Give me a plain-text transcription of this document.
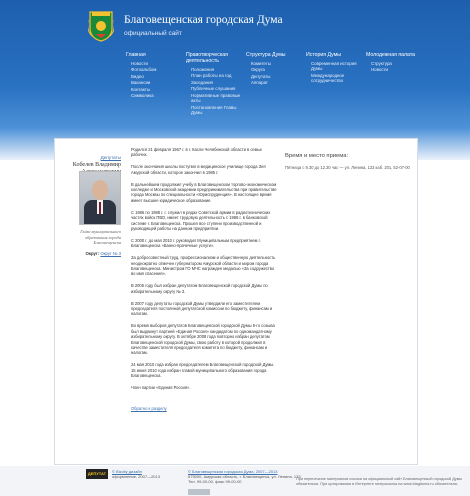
Благовещенская городская Дума
официальный сайт
Главная
Новости
Фотоальбом
Видео
Вакансии
Контакты
Символика
Правотворческая деятельность
Положения
План работы на год
Заседания
Публичные слушания
Нормативные правовые акты
Постановления Главы Думы
Структура Думы
Комитеты
Округа
Депутаты
Аппарат
История Думы
Современная история Думы
Международное сотрудничество
Молодежная палата
Структура
Новости
Депутаты
Кобелев Владимир
Глава муниципального образования города Благовещенска
Округ: Округ № 3

Родился 21 февраля 1967 г. в г. Касли Челябинской области в семье рабочих.

После окончания школы поступил в медицинское училище города Зея Амурской области, которое закончил в 1985 г.

В дальнейшем продолжил учебу в Благовещенском торгово-экономическом колледже и Московской академии предпринимательства при правительстве города Москвы по специальности «Юриспруденция». В настоящее время имеет высшее юридическое образование.

С 1986 по 1988 г. г. служил в рядах Советской армии в радиотехнических частях войск ПВО, имеет трудовую деятельность с 1988 г. в банковской системе г. Благовещенска. Прошел все ступени производственной и руководящей работы на данном предприятии.

С 2000 г. до мая 2010 г. руководил Муниципальным предприятием г. Благовещенска «Банно-прачечные услуги».

За добросовестный труд, профессионализм и общественную деятельность неоднократно отмечен губернатором Амурской области и мэром города Благовещенска. Министром ГО МЧС награжден медалью «За содружество во имя спасения».

В 2005 году был избран депутатом Благовещенской городской Думы по избирательному округу № 3.

В 2007 году депутаты городской Думы утвердили его заместителем председателя постоянной депутатской комиссии по бюджету, финансам и налогам.

Во время выборов депутатов Благовещенской городской Думы 5-го созыва был выдвинут партией «Единая Россия» кандидатом по одномандатному избирательному округу. В октябре 2008 года повторно избран депутатом Благовещенской городской Думы, свою работу в которой продолжил в качестве заместителя председателя комитета по бюджету, финансам и налогам.

24 мая 2010 года избран председателем Благовещенской городской Думы. 15 июня 2010 года избран главой муниципального образования города Благовещенска.

Член партии «Единая Россия».

Обратно к разделу
Время и место приема:
Пятница с 9.30 до 12.30 час — ул. Ленина, 133 каб. 201, 52-07-00
ДЕПУТАТ	© Bizcity дизайн
оформление, 2007—2013
© Благовещенская городская Дума, 2007—2013
675000, Амурская область, г. Благовещенск, ул. Ленина, 133
Тел. 99-00-00, факс 99-00-00	При перепечатке материалов ссылка на официальный сайт Благовещенской городской Думы обязательна. При цитировании в Интернете гиперссылка на www.blagduma.ru обязательна.
